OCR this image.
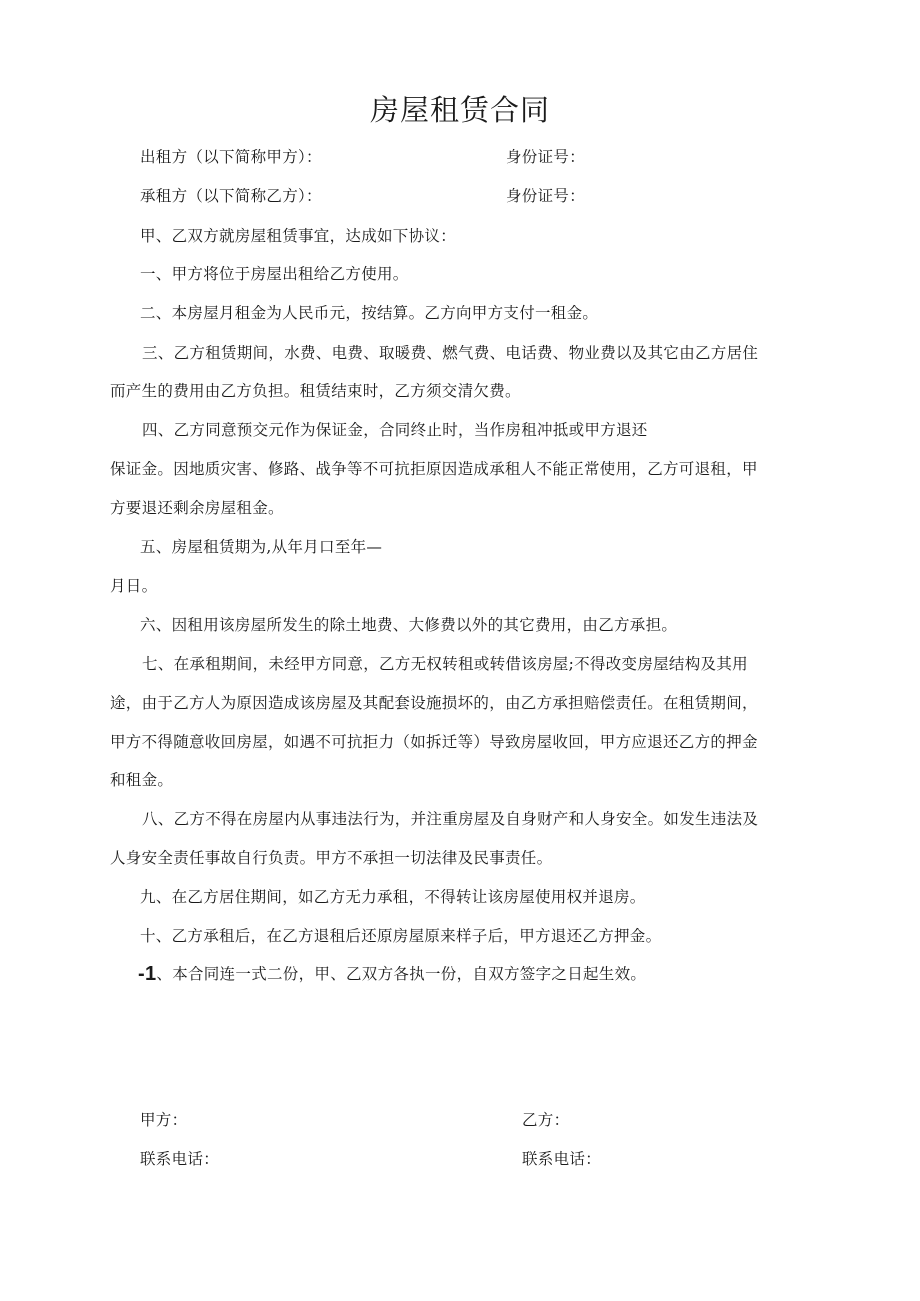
房屋租赁合同
出租方（以下简称甲方）：	身份证号：
承租方（以下简称乙方）：	身份证号：
甲、乙双方就房屋租赁事宜，达成如下协议：
一、甲方将位于房屋出租给乙方使用。
二、本房屋月租金为人民币元，按结算。乙方向甲方支付一租金。
三、乙方租赁期间，水费、电费、取暖费、燃气费、电话费、物业费以及其它由乙方居住
而产生的费用由乙方负担。租赁结束时，乙方须交清欠费。
四、乙方同意预交元作为保证金，合同终止时，当作房租冲抵或甲方退还
保证金。因地质灾害、修路、战争等不可抗拒原因造成承租人不能正常使用，乙方可退租，甲
方要退还剩余房屋租金。
五、房屋租赁期为,从年月口至年—
月日。
六、因租用该房屋所发生的除土地费、大修费以外的其它费用，由乙方承担。
七、在承租期间，未经甲方同意，乙方无权转租或转借该房屋;不得改变房屋结构及其用
途，由于乙方人为原因造成该房屋及其配套设施损坏的，由乙方承担赔偿责任。在租赁期间，
甲方不得随意收回房屋，如遇不可抗拒力（如拆迁等）导致房屋收回，甲方应退还乙方的押金
和租金。
八、乙方不得在房屋内从事违法行为，并注重房屋及自身财产和人身安全。如发生违法及
人身安全责任事故自行负责。甲方不承担一切法律及民事责任。
九、在乙方居住期间，如乙方无力承租，不得转让该房屋使用权并退房。
十、乙方承租后，在乙方退租后还原房屋原来样子后，甲方退还乙方押金。
-1、本合同连一式二份，甲、乙双方各执一份，自双方签字之日起生效。
甲方：	乙方：
联系电话：	联系电话：
